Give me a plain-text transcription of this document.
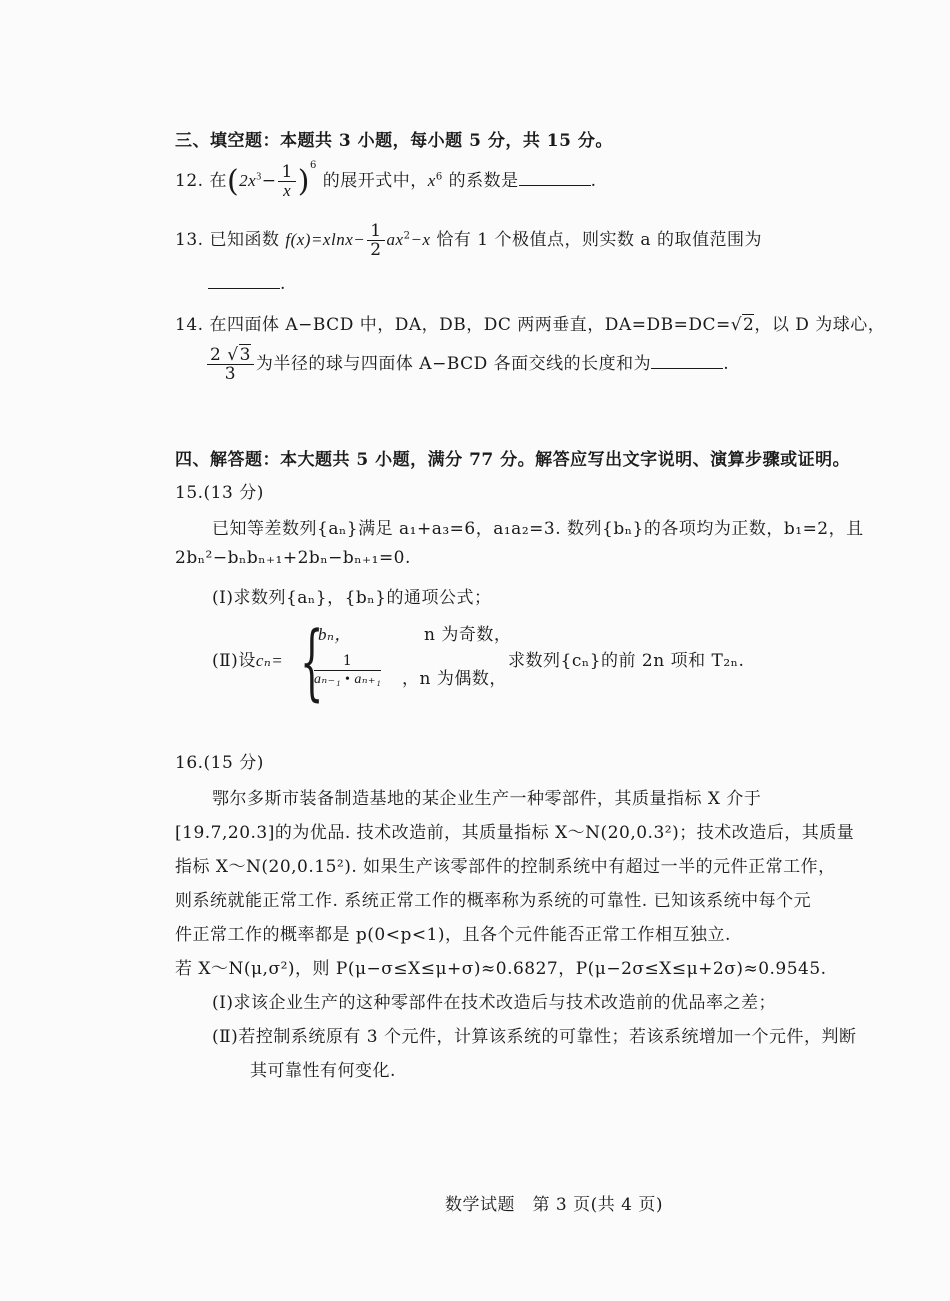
三、填空题：本题共 3 小题，每小题 5 分，共 15 分。
12. 在$(2x^3- \frac{1}{x} )^6$ 的展开式中，$x^6$ 的系数是	.
13. 已知函数 $f(x)=xlnx- \frac{1}{2} ax^2-x$ 恰有 1 个极值点，则实数 a 的取值范围为
.
14. 在四面体 A−BCD 中，DA，DB，DC 两两垂直，DA=DB=DC=√2，以 D 为球心，
$\frac{2 √3}{3}$ 为半径的球与四面体 A−BCD 各面交线的长度和为	.
四、解答题：本大题共 5 小题，满分 77 分。解答应写出文字说明、演算步骤或证明。
15.(13 分)
已知等差数列{aₙ}满足 a₁+a₃=6，a₁a₂=3. 数列{bₙ}的各项均为正数，b₁=2，且
2bₙ²−bₙbₙ₊₁+2bₙ−bₙ₊₁=0.
(Ⅰ)求数列{aₙ}，{bₙ}的通项公式；
(Ⅱ)设cₙ= {
bₙ，	n 为奇数，
$\frac{1}{\text{aₙ₋₁ • aₙ₊₁}}$ ，n 为偶数，
求数列{cₙ}的前 2n 项和 T₂ₙ.
16.(15 分)
鄂尔多斯市装备制造基地的某企业生产一种零部件，其质量指标 X 介于
[19.7,20.3]的为优品. 技术改造前，其质量指标 X～N(20,0.3²)；技术改造后，其质量
指标 X～N(20,0.15²). 如果生产该零部件的控制系统中有超过一半的元件正常工作，
则系统就能正常工作. 系统正常工作的概率称为系统的可靠性. 已知该系统中每个元
件正常工作的概率都是 p(0<p<1)，且各个元件能否正常工作相互独立.
若 X～N(μ,σ²)，则 P(μ−σ≤X≤μ+σ)≈0.6827，P(μ−2σ≤X≤μ+2σ)≈0.9545.
(Ⅰ)求该企业生产的这种零部件在技术改造后与技术改造前的优品率之差；
(Ⅱ)若控制系统原有 3 个元件，计算该系统的可靠性；若该系统增加一个元件，判断
其可靠性有何变化.
数学试题　第 3 页(共 4 页)
